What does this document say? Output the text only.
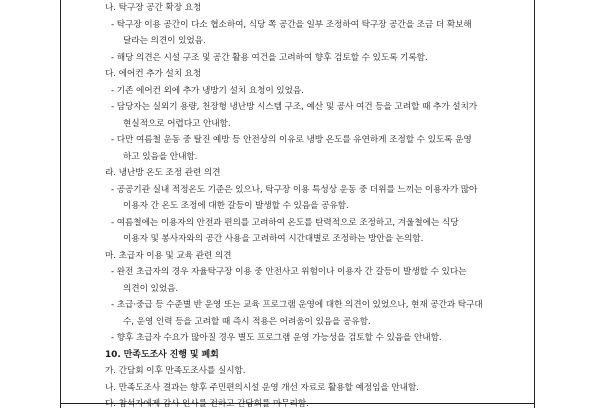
나. 탁구장 공간 확장 요청
- 탁구장 이용 공간이 다소 협소하여, 식당 쪽 공간을 일부 조정하여 탁구장 공간을 조금 더 확보해
달라는 의견이 있었음.
- 해당 의견은 시설 구조 및 공간 활용 여건을 고려하여 향후 검토할 수 있도록 기록함.
다. 에어컨 추가 설치 요청
- 기존 에어컨 외에 추가 냉방기 설치 요청이 있었음.
- 담당자는 실외기 용량, 천장형 냉난방 시스템 구조, 예산 및 공사 여건 등을 고려할 때 추가 설치가
현실적으로 어렵다고 안내함.
- 다만 여름철 운동 중 탈진 예방 등 안전상의 이유로 냉방 온도를 유연하게 조정할 수 있도록 운영
하고 있음을 안내함.
라. 냉난방 온도 조정 관련 의견
- 공공기관 실내 적정온도 기준은 있으나, 탁구장 이용 특성상 운동 중 더위를 느끼는 이용자가 많아
이용자 간 온도 조정에 대한 갈등이 발생할 수 있음을 공유함.
- 여름철에는 이용자의 안전과 편의를 고려하여 온도를 탄력적으로 조정하고, 겨울철에는 식당
이용자 및 봉사자와의 공간 사용을 고려하여 시간대별로 조정하는 방안을 논의함.
마. 초급자 이용 및 교육 관련 의견
- 완전 초급자의 경우 자율탁구장 이용 중 안전사고 위험이나 이용자 간 갈등이 발생할 수 있다는
의견이 있었음.
- 초급·중급 등 수준별 반 운영 또는 교육 프로그램 운영에 대한 의견이 있었으나, 현재 공간과 탁구대
수, 운영 인력 등을 고려할 때 즉시 적용은 어려움이 있음을 공유함.
- 향후 초급자 수요가 많아질 경우 별도 프로그램 운영 가능성을 검토할 수 있음을 안내함.
10. 만족도조사 진행 및 폐회
가. 간담회 이후 만족도조사를 실시함.
나. 만족도조사 결과는 향후 주민편의시설 운영 개선 자료로 활용할 예정임을 안내함.
다. 참석자에게 감사 인사를 전하고 간담회를 마무리함.
